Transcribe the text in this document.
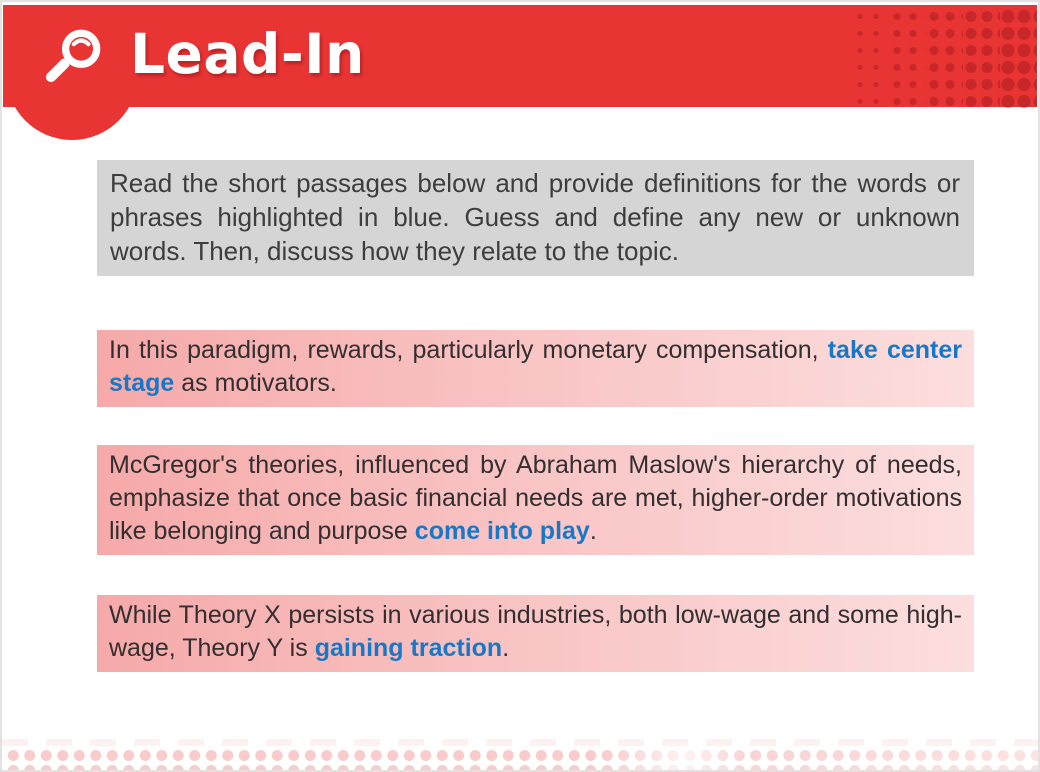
Lead-In
Read the short passages below and provide definitions for the words or phrases highlighted in blue. Guess and define any new or unknown words. Then, discuss how they relate to the topic.
In this paradigm, rewards, particularly monetary compensation, take center stage as motivators.
McGregor's theories, influenced by Abraham Maslow's hierarchy of needs, emphasize that once basic financial needs are met, higher-order motivations like belonging and purpose come into play.
While Theory X persists in various industries, both low-wage and some high-wage, Theory Y is gaining traction.
